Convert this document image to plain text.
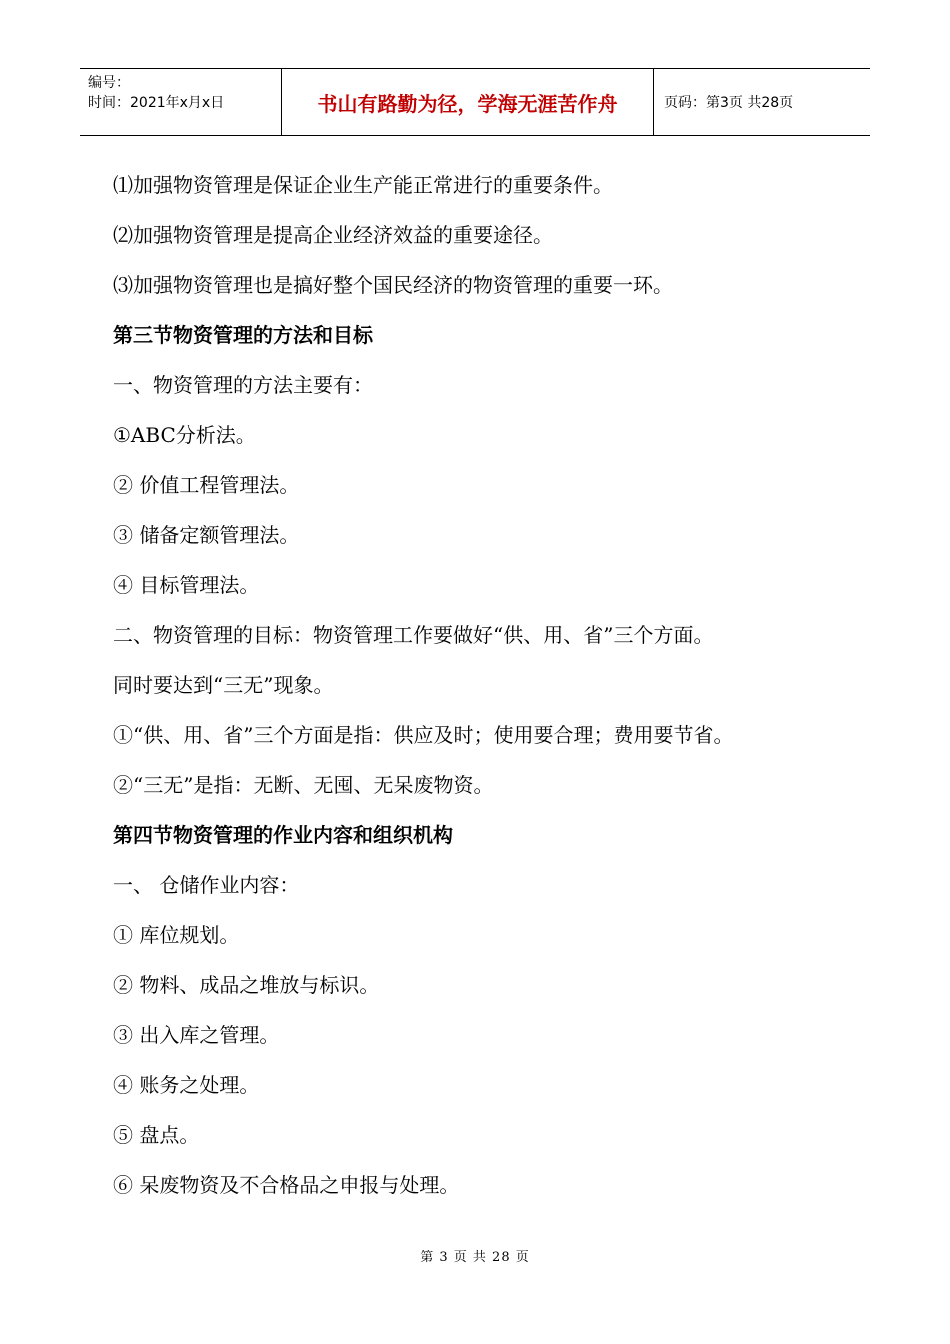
编号：
时间：2021年x月x日	书山有路勤为径，学海无涯苦作舟	页码：第3页 共28页
⑴加强物资管理是保证企业生产能正常进行的重要条件。
⑵加强物资管理是提高企业经济效益的重要途径。
⑶加强物资管理也是搞好整个国民经济的物资管理的重要一环。
第三节物资管理的方法和目标
一、物资管理的方法主要有：
①ABC分析法。
② 价值工程管理法。
③ 储备定额管理法。
④ 目标管理法。
二、物资管理的目标：物资管理工作要做好“供、用、省”三个方面。
同时要达到“三无”现象。
①“供、用、省”三个方面是指：供应及时；使用要合理；费用要节省。
②“三无”是指：无断、无囤、无呆废物资。
第四节物资管理的作业内容和组织机构
一、 仓储作业内容：
① 库位规划。
② 物料、成品之堆放与标识。
③ 出入库之管理。
④ 账务之处理。
⑤ 盘点。
⑥ 呆废物资及不合格品之申报与处理。
第 3 页 共 28 页
